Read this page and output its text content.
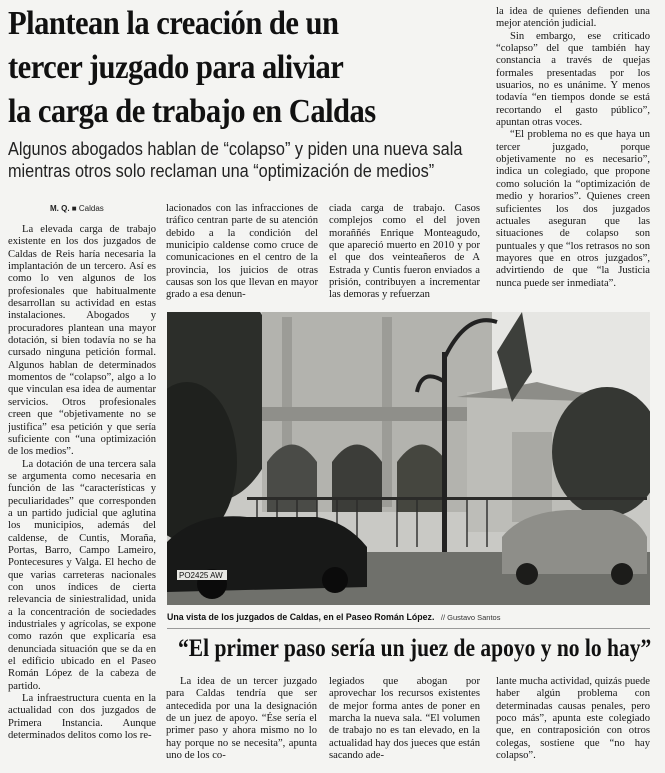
Plantean la creación de un
tercer juzgado para aliviar
la carga de trabajo en Caldas
Algunos abogados hablan de “colapso” y piden una nueva sala
mientras otros solo reclaman una “optimización de medios”
M. Q. ■ Caldas

La elevada carga de trabajo existente en los dos juzgados de Caldas de Reis haría necesaria la implantación de un tercero. Así es como lo ven algunos de los profesionales que habitualmente desarrollan su actividad en estas instalaciones. Abogados y procuradores plantean una mayor dotación, si bien todavía no se ha cursado ninguna petición formal. Algunos hablan de determinados momentos de “colapso”, algo a lo que vinculan esa idea de aumentar servicios. Otros profesionales creen que “objetivamente no se justifica” esa petición y que sería suficiente con “una optimización de los medios”.

La dotación de una tercera sala se argumenta como necesaria en función de las “características y peculiaridades” que corresponden a un partido judicial que aglutina los municipios, además del caldense, de Cuntis, Moraña, Portas, Barro, Campo Lameiro, Pontecesures y Valga. El hecho de que varias carreteras nacionales con unos índices de cierta relevancia de siniestralidad, unida a la concentración de sociedades industriales y agrícolas, se expone como razón que explicaría esa denunciada situación que se da en el edificio ubicado en el Paseo Román López de la cabeza de partido.

La infraestructura cuenta en la actualidad con dos juzgados de Primera Instancia. Aunque determinados delitos como los re-

lacionados con las infracciones de tráfico centran parte de su atención debido a la condición del municipio caldense como cruce de comunicaciones en el centro de la provincia, los juicios de otras causas son los que llevan en mayor grado a esa denun-

ciada carga de trabajo. Casos complejos como el del joven moraññés Enrique Monteagudo, que apareció muerto en 2010 y por el que dos veinteañeros de A Estrada y Cuntis fueron enviados a prisión, contribuyen a incrementar las demoras y refuerzan

la idea de quienes defienden una mejor atención judicial.

Sin embargo, ese criticado “colapso” del que también hay constancia a través de quejas formales presentadas por los usuarios, no es unánime. Y menos todavía “en tiempos donde se está recortando el gasto público”, apuntan otras voces.

“El problema no es que haya un tercer juzgado, porque objetivamente no es necesario”, indica un colegiado, que propone como solución la “optimización de medio y horarios”. Quienes creen suficientes los dos juzgados actuales aseguran que las situaciones de colapso son puntuales y que “los retrasos no son mayores que en otros juzgados”, advirtiendo de que “la Justicia nunca puede ser inmediata”.

PO2425 AW
Una vista de los juzgados de Caldas, en el Paseo Román López. // Gustavo Santos
“El primer paso sería un juez de apoyo y no lo hay”

La idea de un tercer juzgado para Caldas tendría que ser antecedida por una la designación de un juez de apoyo. “Ése sería el primer paso y ahora mismo no lo hay porque no se necesita”, apunta uno de los co-

legiados que abogan por aprovechar los recursos existentes de mejor forma antes de poner en marcha la nueva sala. “El volumen de trabajo no es tan elevado, en la actualidad hay dos jueces que están sacando ade-

lante mucha actividad, quizás puede haber algún problema con determinadas causas penales, pero poco más”, apunta este colegiado que, en contraposición con otros colegas, sostiene que “no hay colapso”.
